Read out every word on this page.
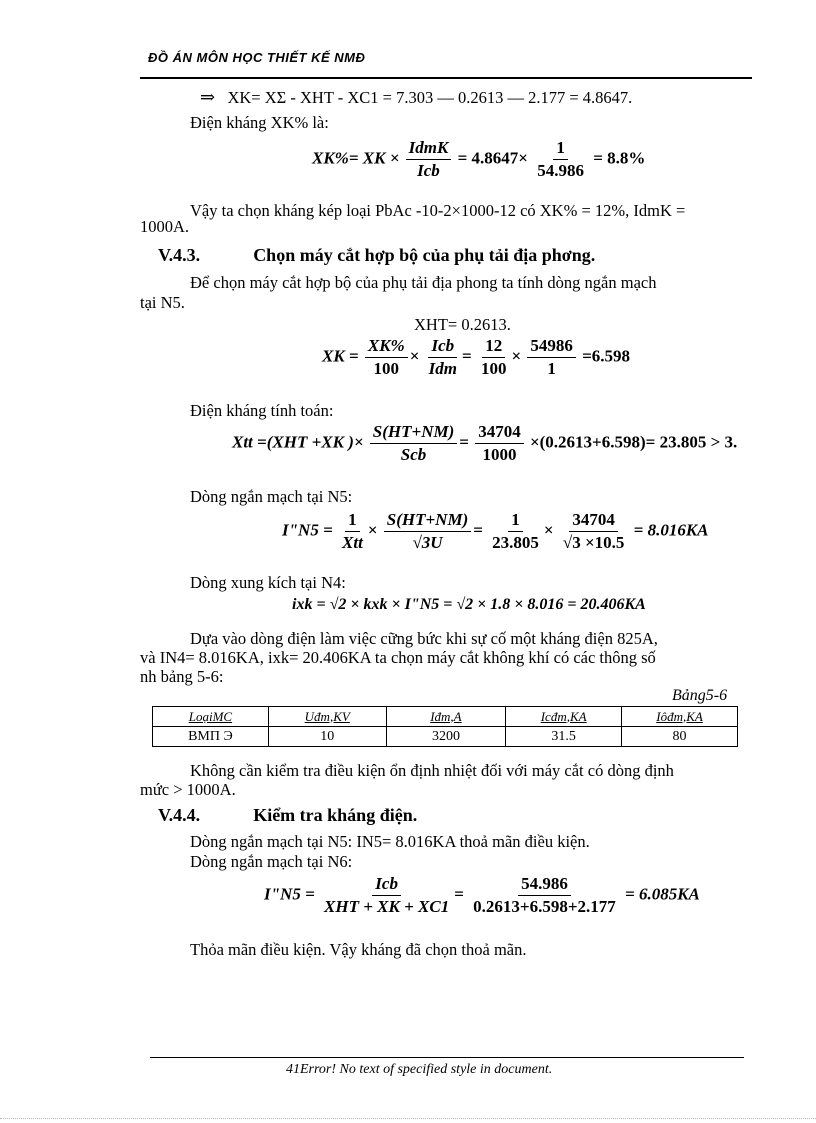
ĐỒ ÁN MÔN HỌC THIẾT KẾ NMĐ
⇒ XK= XΣ - XHT - XC1 = 7.303 — 0.2613 — 2.177 = 4.8647.
Điện kháng XK% là:
XK%= XK × $\frac{\text{IdmK}}{\text{Icb}} = 4.8647\times \frac{1}{54.986} = 8.8\%$
Vậy ta chọn kháng kép loại PbAc -10-2×1000-12 có XK% = 12%, IdmK =
1000A.
V.4.3.	Chọn máy cắt hợp bộ của phụ tải địa phơng.
Để chọn máy cắt hợp bộ của phụ tải địa phong ta tính dòng ngắn mạch
tại N5.
XHT= 0.2613.
XK = $\frac{XK\%}{100} \times \frac{\text{Icb}}{\text{Idm}} = \frac{12}{100} \times \frac{54986}{1} =6.598$
Điện kháng tính toán:
Xtt =(XHT +XK )× $\frac{S(HT+NM)}{\text{Scb}} = \frac{34704}{1000} \times(0.2613+6.598)= 23.805 > 3$.
Dòng ngắn mạch tại N5:
I"N5 = $\frac{1}{\text{Xtt}} \times \frac{S(HT+NM)}{√3U} = \frac{1}{23.805} \times \frac{34704}{√3 \times 10.5} = 8.016KA$
Dòng xung kích tại N4:
ixk = √2 × kxk × I"N5 = √2 × 1.8 × 8.016 = 20.406KA
Dựa vào dòng điện làm việc cững bức khi sự cố một kháng điện 825A,
và IN4= 8.016KA, ixk= 20.406KA ta chọn máy cắt không khí có các thông số
nh bảng 5-6:
Bảng5-6
LoạiMC	Uđm,KV	Iđm,A	Icđm,KA	Iôđm,KA
ВМП Э	10	3200	31.5	80
Không cần kiểm tra điều kiện ổn định nhiệt đối với máy cắt có dòng định
mức > 1000A.
V.4.4.	Kiểm tra kháng điện.
Dòng ngắn mạch tại N5: IN5= 8.016KA thoả mãn điều kiện.
Dòng ngắn mạch tại N6:
I"N5 = $\frac{\text{Icb}}{\text{XHT + XK + XC1}} = \frac{54.986}{0.2613+6.598+2.177} = 6.085KA$
Thỏa mãn điều kiện. Vậy kháng đã chọn thoả mãn.
41Error! No text of specified style in document.
